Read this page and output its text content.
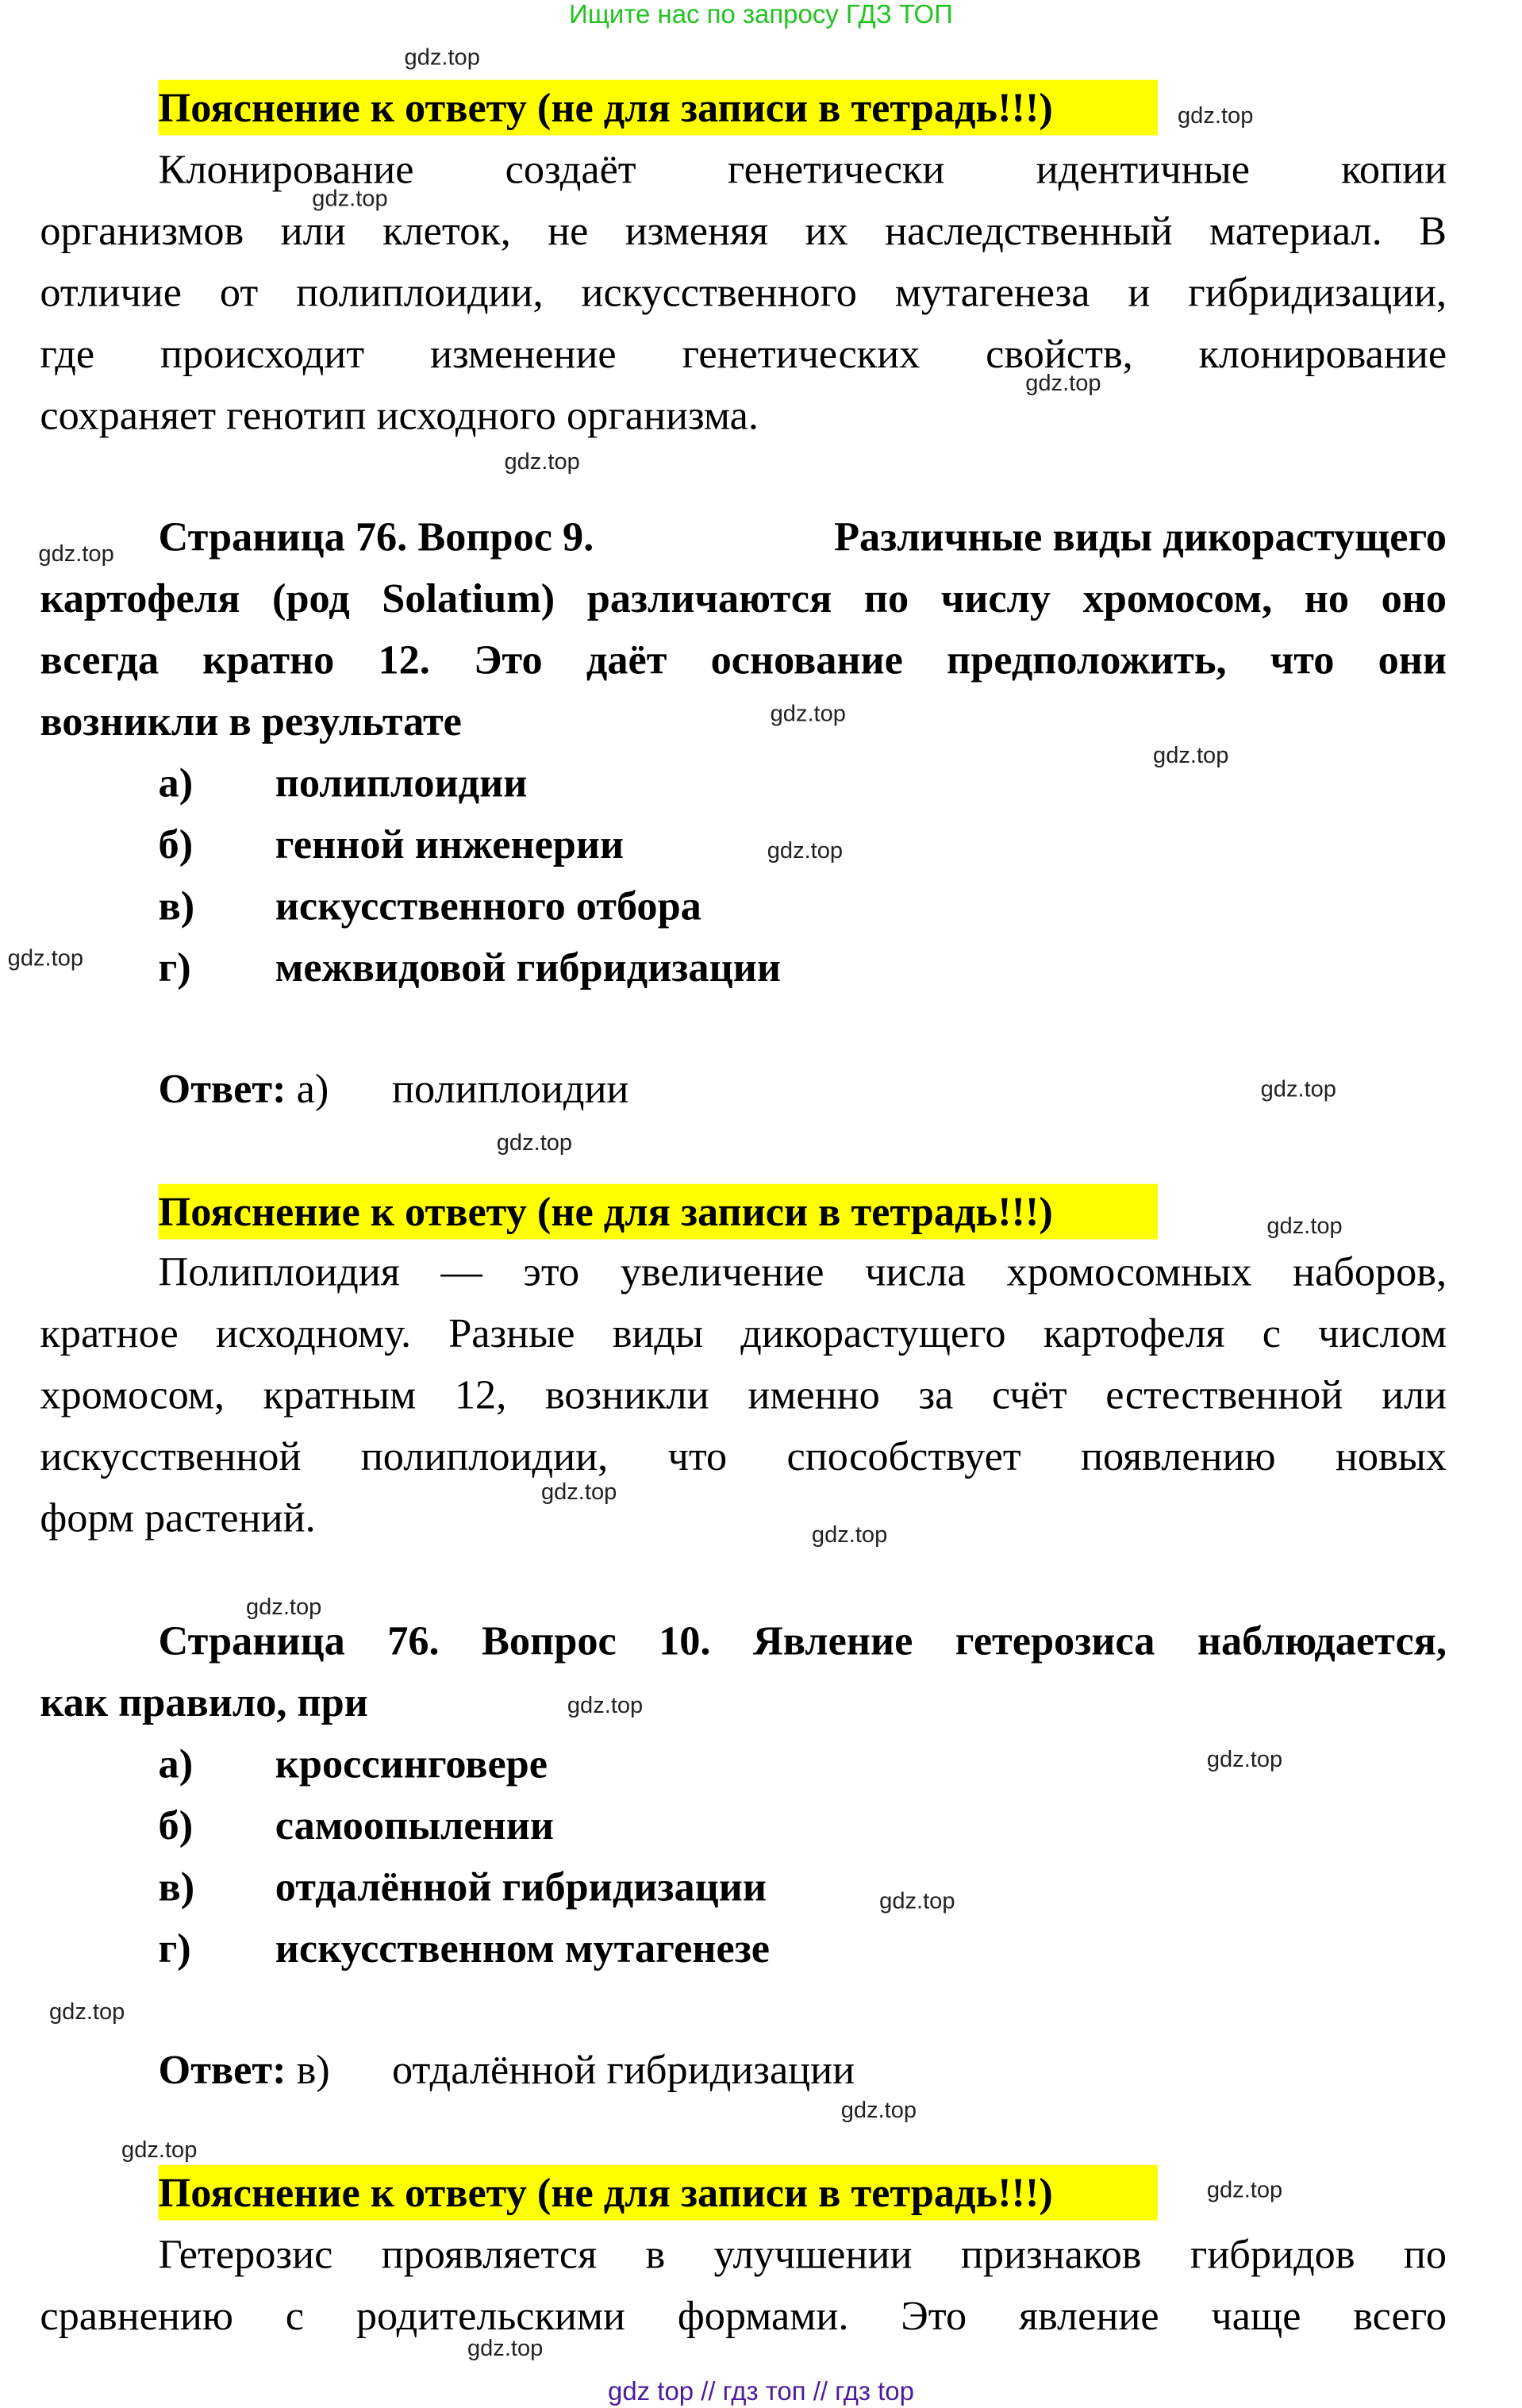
Ищите нас по запросу ГДЗ ТОП
Пояснение к ответу (не для записи в тетрадь!!!)
Клонирование создаёт генетически идентичные копии
организмов или клеток, не изменяя их наследственный материал. В
отличие от полиплоидии, искусственного мутагенеза и гибридизации,
где происходит изменение генетических свойств, клонирование
сохраняет генотип исходного организма.
Страница 76. Вопрос 9.	Различные виды дикорастущего
картофеля (род Solatium) различаются по числу хромосом, но оно
всегда кратно 12. Это даёт основание предположить, что они
возникли в результате
а)	полиплоидии
б)	генной инженерии
в)	искусственного отбора
г)	межвидовой гибридизации
Ответ: а)	полиплоидии
Пояснение к ответу (не для записи в тетрадь!!!)
Полиплоидия — это увеличение числа хромосомных наборов,
кратное исходному. Разные виды дикорастущего картофеля с числом
хромосом, кратным 12, возникли именно за счёт естественной или
искусственной полиплоидии, что способствует появлению новых
форм растений.
Страница 76. Вопрос 10. Явление гетерозиса наблюдается,
как правило, при
а)	кроссинговере
б)	самоопылении
в)	отдалённой гибридизации
г)	искусственном мутагенезе
Ответ: в)	отдалённой гибридизации
Пояснение к ответу (не для записи в тетрадь!!!)
Гетерозис проявляется в улучшении признаков гибридов по
сравнению с родительскими формами. Это явление чаще всего
gdz.top
gdz.top
gdz.top
gdz.top
gdz.top
gdz.top
gdz.top
gdz.top
gdz.top
gdz.top
gdz.top
gdz.top
gdz.top
gdz.top
gdz.top
gdz.top
gdz.top
gdz.top
gdz.top
gdz.top
gdz.top
gdz.top
gdz.top
gdz.top
gdz top // гдз топ // гдз top
